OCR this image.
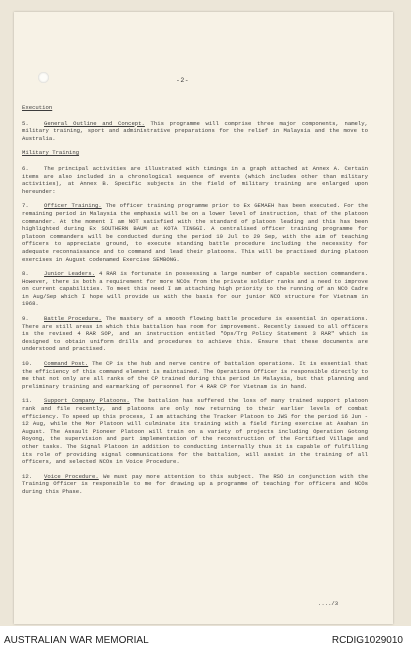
-2-

Execution

5.	General Outline and Concept. This programme will comprise three major components, namely, military training, sport and administrative preparations for the relief in Malaysia and the move to Australia.

Military Training

6.	The principal activities are illustrated with timings in a graph attached at Annex A. Certain items are also included in a chronological sequence of events (which includes other than military activities), at Annex B. Specific subjects in the field of military training are enlarged upon hereunder:

7.	Officer Training. The officer training programme prior to Ex GEMAEH has been executed. For the remaining period in Malaysia the emphasis will be on a lower level of instruction, that of the platoon commander. At the moment I am NOT satisfied with the standard of platoon leading and this has been highlighted during Ex SOUTHERN BAUM at KOTA TINGGI. A centralised officer training programme for platoon commanders will be conducted during the period 10 Jul to 29 Sep, with the aim of teaching officers to appreciate ground, to execute standing battle procedure including the necessity for adequate reconnaissance and to command and lead their platoons. This will be practised during platoon exercises in August codenamed Exercise SEMBONG.

8.	Junior Leaders. 4 RAR is fortunate in possessing a large number of capable section commanders. However, there is both a requirement for more NCOs from the private soldier ranks and a need to improve on current capabilities. To meet this need I am attaching high priority to the running of an NCO Cadre in Aug/Sep which I hope will provide us with the basis for our junior NCO structure for Vietnam in 1968.

9.	Battle Procedure. The mastery of a smooth flowing battle procedure is essential in operations. There are still areas in which this battalion has room for improvement. Recently issued to all officers is the revised 4 RAR SOP, and an instruction entitled "Ops/Trg Policy Statement 3 RAR" which is designed to obtain uniform drills and procedures to achieve this. Ensure that these documents are understood and practised.

10. Command Post. The CP is the hub and nerve centre of battalion operations. It is essential that the efficiency of this command element is maintained. The Operations Officer is responsible directly to me that not only are all ranks of the CP trained during this period in Malaysia, but that planning and preliminary training and earmarking of personnel for 4 RAR CP for Vietnam is in hand.

11. Support Company Platoons. The battalion has suffered the loss of many trained support platoon rank and file recently, and platoons are only now returning to their earlier levels of combat efficiency. To speed up this process, I am attaching the Tracker Platoon to JWS for the period 16 Jun - 12 Aug, while the Mor Platoon will culminate its training with a field firing exercise at Asahan in August. The Assault Pioneer Platoon will train on a variety of projects including Operation Gotong Royong, the supervision and part implementation of the reconstruction of the Fortified Village and other tasks. The Signal Platoon in addition to conducting internally thus it is capable of fulfilling its role of providing signal communications for the battalion, will assist in the training of all officers, and selected NCOs in Voice Procedure.

12. Voice Procedure. We must pay more attention to this subject. The RSO in conjunction with the Training Officer is responsible to me for drawing up a programme of teaching for officers and NCOs during this Phase.

..../3
AUSTRALIAN WAR MEMORIAL	RCDIG1029010
